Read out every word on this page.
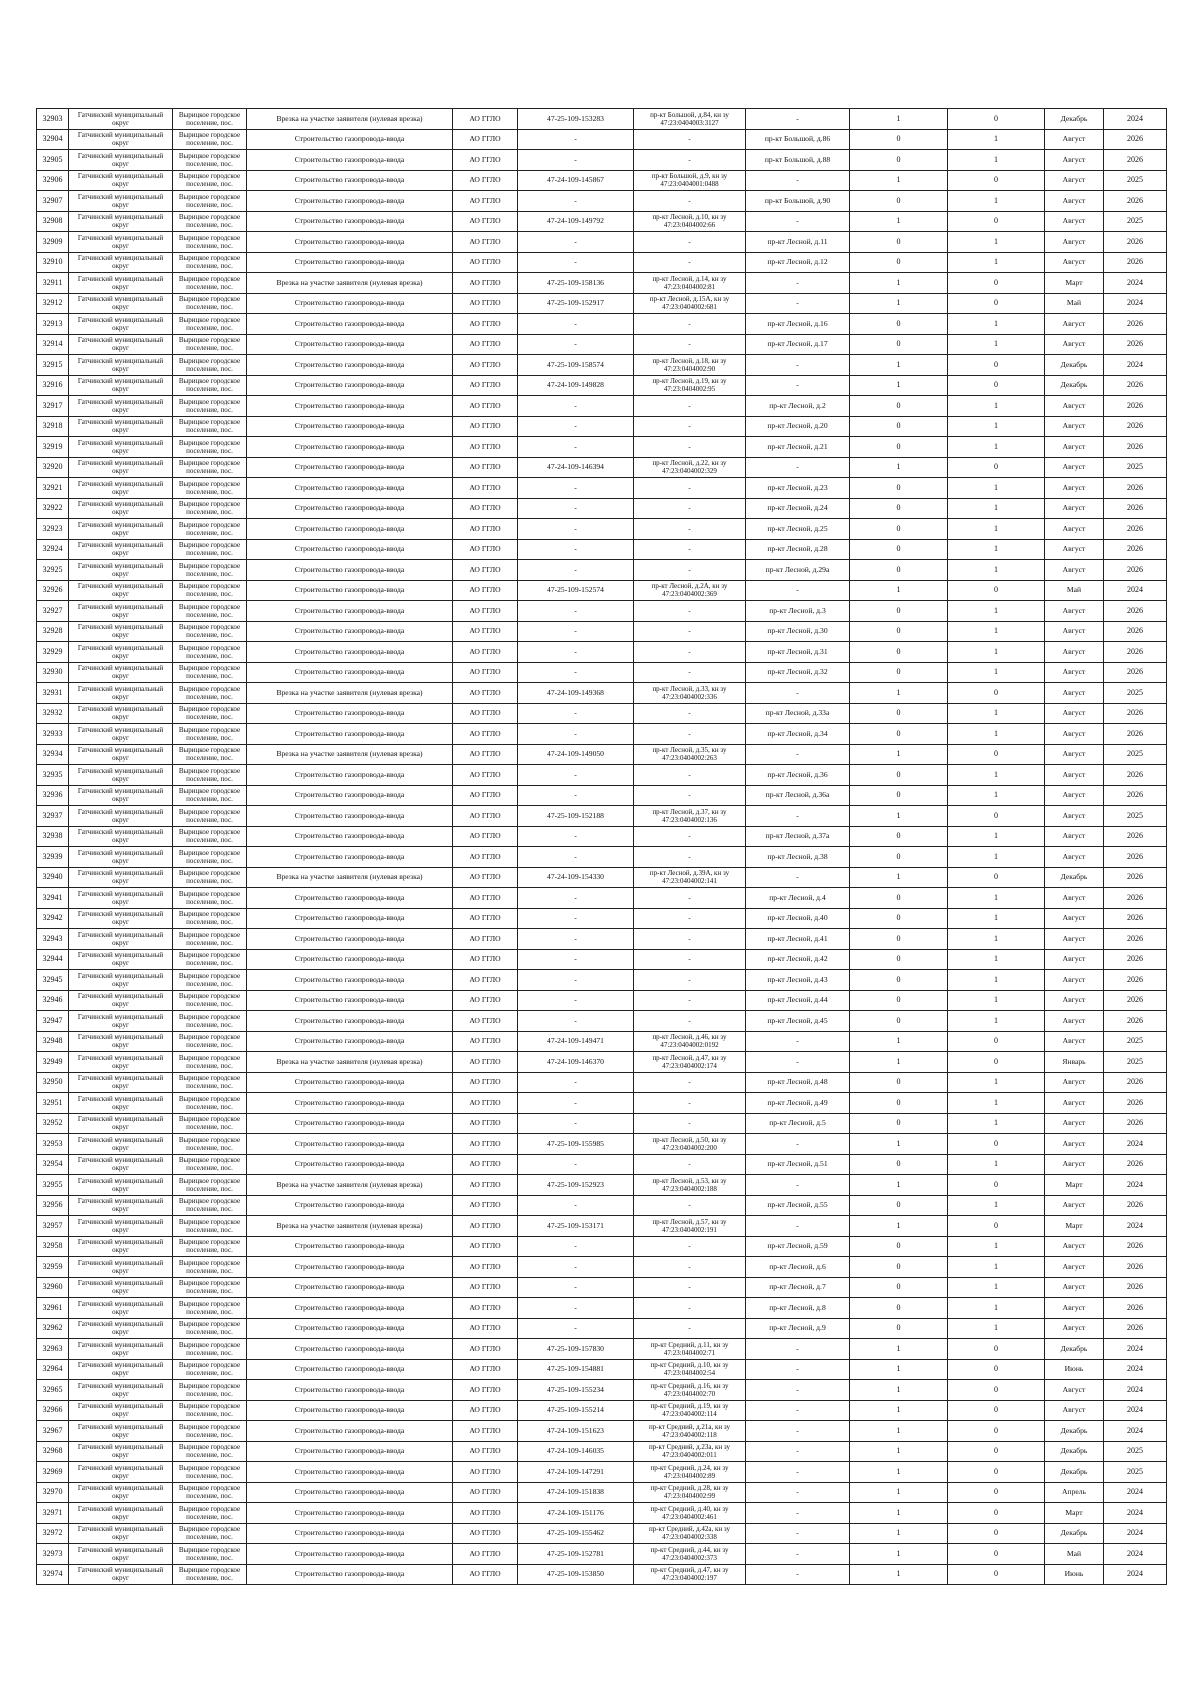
32903	Гатчинский муниципальный округ	Вырицкое городское поселение, пос.	Врезка на участке заявителя (нулевая врезка)	АО ГГЛО	47-25-109-153283	пр-кт Большой, д.84, кн зу 47:23:0404003:3127	-	1	0	Декабрь	2024
32904	Гатчинский муниципальный округ	Вырицкое городское поселение, пос.	Строительство газопровода-ввода	АО ГГЛО	-	-	пр-кт Большой, д.86	0	1	Август	2026
32905	Гатчинский муниципальный округ	Вырицкое городское поселение, пос.	Строительство газопровода-ввода	АО ГГЛО	-	-	пр-кт Большой, д.88	0	1	Август	2026
32906	Гатчинский муниципальный округ	Вырицкое городское поселение, пос.	Строительство газопровода-ввода	АО ГГЛО	47-24-109-145867	пр-кт Большой, д.9, кн зу 47:23:0404001:0488	-	1	0	Август	2025
32907	Гатчинский муниципальный округ	Вырицкое городское поселение, пос.	Строительство газопровода-ввода	АО ГГЛО	-	-	пр-кт Большой, д.90	0	1	Август	2026
32908	Гатчинский муниципальный округ	Вырицкое городское поселение, пос.	Строительство газопровода-ввода	АО ГГЛО	47-24-109-149792	пр-кт Лесной, д.10, кн зу 47:23:0404002:66	-	1	0	Август	2025
32909	Гатчинский муниципальный округ	Вырицкое городское поселение, пос.	Строительство газопровода-ввода	АО ГГЛО	-	-	пр-кт Лесной, д.11	0	1	Август	2026
32910	Гатчинский муниципальный округ	Вырицкое городское поселение, пос.	Строительство газопровода-ввода	АО ГГЛО	-	-	пр-кт Лесной, д.12	0	1	Август	2026
32911	Гатчинский муниципальный округ	Вырицкое городское поселение, пос.	Врезка на участке заявителя (нулевая врезка)	АО ГГЛО	47-25-109-158136	пр-кт Лесной, д.14, кн зу 47:23:0404002:81	-	1	0	Март	2024
32912	Гатчинский муниципальный округ	Вырицкое городское поселение, пос.	Строительство газопровода-ввода	АО ГГЛО	47-25-109-152917	пр-кт Лесной, д.15А, кн зу 47:23:0404002:681	-	1	0	Май	2024
32913	Гатчинский муниципальный округ	Вырицкое городское поселение, пос.	Строительство газопровода-ввода	АО ГГЛО	-	-	пр-кт Лесной, д.16	0	1	Август	2026
32914	Гатчинский муниципальный округ	Вырицкое городское поселение, пос.	Строительство газопровода-ввода	АО ГГЛО	-	-	пр-кт Лесной, д.17	0	1	Август	2026
32915	Гатчинский муниципальный округ	Вырицкое городское поселение, пос.	Строительство газопровода-ввода	АО ГГЛО	47-25-109-158574	пр-кт Лесной, д.18, кн зу 47:23:0404002:90	-	1	0	Декабрь	2024
32916	Гатчинский муниципальный округ	Вырицкое городское поселение, пос.	Строительство газопровода-ввода	АО ГГЛО	47-24-109-149828	пр-кт Лесной, д.19, кн зу 47:23:0404002:95	-	1	0	Декабрь	2026
32917	Гатчинский муниципальный округ	Вырицкое городское поселение, пос.	Строительство газопровода-ввода	АО ГГЛО	-	-	пр-кт Лесной, д.2	0	1	Август	2026
32918	Гатчинский муниципальный округ	Вырицкое городское поселение, пос.	Строительство газопровода-ввода	АО ГГЛО	-	-	пр-кт Лесной, д.20	0	1	Август	2026
32919	Гатчинский муниципальный округ	Вырицкое городское поселение, пос.	Строительство газопровода-ввода	АО ГГЛО	-	-	пр-кт Лесной, д.21	0	1	Август	2026
32920	Гатчинский муниципальный округ	Вырицкое городское поселение, пос.	Строительство газопровода-ввода	АО ГГЛО	47-24-109-146394	пр-кт Лесной, д.22, кн зу 47:23:0404002:329	-	1	0	Август	2025
32921	Гатчинский муниципальный округ	Вырицкое городское поселение, пос.	Строительство газопровода-ввода	АО ГГЛО	-	-	пр-кт Лесной, д.23	0	1	Август	2026
32922	Гатчинский муниципальный округ	Вырицкое городское поселение, пос.	Строительство газопровода-ввода	АО ГГЛО	-	-	пр-кт Лесной, д.24	0	1	Август	2026
32923	Гатчинский муниципальный округ	Вырицкое городское поселение, пос.	Строительство газопровода-ввода	АО ГГЛО	-	-	пр-кт Лесной, д.25	0	1	Август	2026
32924	Гатчинский муниципальный округ	Вырицкое городское поселение, пос.	Строительство газопровода-ввода	АО ГГЛО	-	-	пр-кт Лесной, д.28	0	1	Август	2026
32925	Гатчинский муниципальный округ	Вырицкое городское поселение, пос.	Строительство газопровода-ввода	АО ГГЛО	-	-	пр-кт Лесной, д.29а	0	1	Август	2026
32926	Гатчинский муниципальный округ	Вырицкое городское поселение, пос.	Строительство газопровода-ввода	АО ГГЛО	47-25-109-152574	пр-кт Лесной, д.2А, кн зу 47:23:0404002:369	-	1	0	Май	2024
32927	Гатчинский муниципальный округ	Вырицкое городское поселение, пос.	Строительство газопровода-ввода	АО ГГЛО	-	-	пр-кт Лесной, д.3	0	1	Август	2026
32928	Гатчинский муниципальный округ	Вырицкое городское поселение, пос.	Строительство газопровода-ввода	АО ГГЛО	-	-	пр-кт Лесной, д.30	0	1	Август	2026
32929	Гатчинский муниципальный округ	Вырицкое городское поселение, пос.	Строительство газопровода-ввода	АО ГГЛО	-	-	пр-кт Лесной, д.31	0	1	Август	2026
32930	Гатчинский муниципальный округ	Вырицкое городское поселение, пос.	Строительство газопровода-ввода	АО ГГЛО	-	-	пр-кт Лесной, д.32	0	1	Август	2026
32931	Гатчинский муниципальный округ	Вырицкое городское поселение, пос.	Врезка на участке заявителя (нулевая врезка)	АО ГГЛО	47-24-109-149368	пр-кт Лесной, д.33, кн зу 47:23:0404002:336	-	1	0	Август	2025
32932	Гатчинский муниципальный округ	Вырицкое городское поселение, пос.	Строительство газопровода-ввода	АО ГГЛО	-	-	пр-кт Лесной, д.33а	0	1	Август	2026
32933	Гатчинский муниципальный округ	Вырицкое городское поселение, пос.	Строительство газопровода-ввода	АО ГГЛО	-	-	пр-кт Лесной, д.34	0	1	Август	2026
32934	Гатчинский муниципальный округ	Вырицкое городское поселение, пос.	Врезка на участке заявителя (нулевая врезка)	АО ГГЛО	47-24-109-149050	пр-кт Лесной, д.35, кн зу 47:23:0404002:263	-	1	0	Август	2025
32935	Гатчинский муниципальный округ	Вырицкое городское поселение, пос.	Строительство газопровода-ввода	АО ГГЛО	-	-	пр-кт Лесной, д.36	0	1	Август	2026
32936	Гатчинский муниципальный округ	Вырицкое городское поселение, пос.	Строительство газопровода-ввода	АО ГГЛО	-	-	пр-кт Лесной, д.36а	0	1	Август	2026
32937	Гатчинский муниципальный округ	Вырицкое городское поселение, пос.	Строительство газопровода-ввода	АО ГГЛО	47-25-109-152188	пр-кт Лесной, д.37, кн зу 47:23:0404002:136	-	1	0	Август	2025
32938	Гатчинский муниципальный округ	Вырицкое городское поселение, пос.	Строительство газопровода-ввода	АО ГГЛО	-	-	пр-кт Лесной, д.37а	0	1	Август	2026
32939	Гатчинский муниципальный округ	Вырицкое городское поселение, пос.	Строительство газопровода-ввода	АО ГГЛО	-	-	пр-кт Лесной, д.38	0	1	Август	2026
32940	Гатчинский муниципальный округ	Вырицкое городское поселение, пос.	Врезка на участке заявителя (нулевая врезка)	АО ГГЛО	47-24-109-154330	пр-кт Лесной, д.39А, кн зу 47:23:0404002:141	-	1	0	Декабрь	2026
32941	Гатчинский муниципальный округ	Вырицкое городское поселение, пос.	Строительство газопровода-ввода	АО ГГЛО	-	-	пр-кт Лесной, д.4	0	1	Август	2026
32942	Гатчинский муниципальный округ	Вырицкое городское поселение, пос.	Строительство газопровода-ввода	АО ГГЛО	-	-	пр-кт Лесной, д.40	0	1	Август	2026
32943	Гатчинский муниципальный округ	Вырицкое городское поселение, пос.	Строительство газопровода-ввода	АО ГГЛО	-	-	пр-кт Лесной, д.41	0	1	Август	2026
32944	Гатчинский муниципальный округ	Вырицкое городское поселение, пос.	Строительство газопровода-ввода	АО ГГЛО	-	-	пр-кт Лесной, д.42	0	1	Август	2026
32945	Гатчинский муниципальный округ	Вырицкое городское поселение, пос.	Строительство газопровода-ввода	АО ГГЛО	-	-	пр-кт Лесной, д.43	0	1	Август	2026
32946	Гатчинский муниципальный округ	Вырицкое городское поселение, пос.	Строительство газопровода-ввода	АО ГГЛО	-	-	пр-кт Лесной, д.44	0	1	Август	2026
32947	Гатчинский муниципальный округ	Вырицкое городское поселение, пос.	Строительство газопровода-ввода	АО ГГЛО	-	-	пр-кт Лесной, д.45	0	1	Август	2026
32948	Гатчинский муниципальный округ	Вырицкое городское поселение, пос.	Строительство газопровода-ввода	АО ГГЛО	47-24-109-149471	пр-кт Лесной, д.46, кн зу 47:23:0404002:0192	-	1	0	Август	2025
32949	Гатчинский муниципальный округ	Вырицкое городское поселение, пос.	Врезка на участке заявителя (нулевая врезка)	АО ГГЛО	47-24-109-146370	пр-кт Лесной, д.47, кн зу 47:23:0404002:174	-	1	0	Январь	2025
32950	Гатчинский муниципальный округ	Вырицкое городское поселение, пос.	Строительство газопровода-ввода	АО ГГЛО	-	-	пр-кт Лесной, д.48	0	1	Август	2026
32951	Гатчинский муниципальный округ	Вырицкое городское поселение, пос.	Строительство газопровода-ввода	АО ГГЛО	-	-	пр-кт Лесной, д.49	0	1	Август	2026
32952	Гатчинский муниципальный округ	Вырицкое городское поселение, пос.	Строительство газопровода-ввода	АО ГГЛО	-	-	пр-кт Лесной, д.5	0	1	Август	2026
32953	Гатчинский муниципальный округ	Вырицкое городское поселение, пос.	Строительство газопровода-ввода	АО ГГЛО	47-25-109-155985	пр-кт Лесной, д.50, кн зу 47:23:0404002:200	-	1	0	Август	2024
32954	Гатчинский муниципальный округ	Вырицкое городское поселение, пос.	Строительство газопровода-ввода	АО ГГЛО	-	-	пр-кт Лесной, д.51	0	1	Август	2026
32955	Гатчинский муниципальный округ	Вырицкое городское поселение, пос.	Врезка на участке заявителя (нулевая врезка)	АО ГГЛО	47-25-109-152923	пр-кт Лесной, д.53, кн зу 47:23:0404002:188	-	1	0	Март	2024
32956	Гатчинский муниципальный округ	Вырицкое городское поселение, пос.	Строительство газопровода-ввода	АО ГГЛО	-	-	пр-кт Лесной, д.55	0	1	Август	2026
32957	Гатчинский муниципальный округ	Вырицкое городское поселение, пос.	Врезка на участке заявителя (нулевая врезка)	АО ГГЛО	47-25-109-153171	пр-кт Лесной, д.57, кн зу 47:23:0404002:191	-	1	0	Март	2024
32958	Гатчинский муниципальный округ	Вырицкое городское поселение, пос.	Строительство газопровода-ввода	АО ГГЛО	-	-	пр-кт Лесной, д.59	0	1	Август	2026
32959	Гатчинский муниципальный округ	Вырицкое городское поселение, пос.	Строительство газопровода-ввода	АО ГГЛО	-	-	пр-кт Лесной, д.6	0	1	Август	2026
32960	Гатчинский муниципальный округ	Вырицкое городское поселение, пос.	Строительство газопровода-ввода	АО ГГЛО	-	-	пр-кт Лесной, д.7	0	1	Август	2026
32961	Гатчинский муниципальный округ	Вырицкое городское поселение, пос.	Строительство газопровода-ввода	АО ГГЛО	-	-	пр-кт Лесной, д.8	0	1	Август	2026
32962	Гатчинский муниципальный округ	Вырицкое городское поселение, пос.	Строительство газопровода-ввода	АО ГГЛО	-	-	пр-кт Лесной, д.9	0	1	Август	2026
32963	Гатчинский муниципальный округ	Вырицкое городское поселение, пос.	Строительство газопровода-ввода	АО ГГЛО	47-25-109-157830	пр-кт Средний, д.11, кн зу 47:23:0404002:71	-	1	0	Декабрь	2024
32964	Гатчинский муниципальный округ	Вырицкое городское поселение, пос.	Строительство газопровода-ввода	АО ГГЛО	47-25-109-154881	пр-кт Средний, д.10, кн зу 47:23:0404002:54	-	1	0	Июнь	2024
32965	Гатчинский муниципальный округ	Вырицкое городское поселение, пос.	Строительство газопровода-ввода	АО ГГЛО	47-25-109-155234	пр-кт Средний, д.16, кн зу 47:23:0404002:70	-	1	0	Август	2024
32966	Гатчинский муниципальный округ	Вырицкое городское поселение, пос.	Строительство газопровода-ввода	АО ГГЛО	47-25-109-155214	пр-кт Средний, д.19, кн зу 47:23:0404002:114	-	1	0	Август	2024
32967	Гатчинский муниципальный округ	Вырицкое городское поселение, пос.	Строительство газопровода-ввода	АО ГГЛО	47-24-109-151623	пр-кт Средний, д.21а, кн зу 47:23:0404002:118	-	1	0	Декабрь	2024
32968	Гатчинский муниципальный округ	Вырицкое городское поселение, пос.	Строительство газопровода-ввода	АО ГГЛО	47-24-109-146035	пр-кт Средний, д.23а, кн зу 47:23:0404002:011	-	1	0	Декабрь	2025
32969	Гатчинский муниципальный округ	Вырицкое городское поселение, пос.	Строительство газопровода-ввода	АО ГГЛО	47-24-109-147291	пр-кт Средний, д.24, кн зу 47:23:0404002:89	-	1	0	Декабрь	2025
32970	Гатчинский муниципальный округ	Вырицкое городское поселение, пос.	Строительство газопровода-ввода	АО ГГЛО	47-24-109-151838	пр-кт Средний, д.28, кн зу 47:23:0404002:99	-	1	0	Апрель	2024
32971	Гатчинский муниципальный округ	Вырицкое городское поселение, пос.	Строительство газопровода-ввода	АО ГГЛО	47-24-109-151176	пр-кт Средний, д.40, кн зу 47:23:0404002:461	-	1	0	Март	2024
32972	Гатчинский муниципальный округ	Вырицкое городское поселение, пос.	Строительство газопровода-ввода	АО ГГЛО	47-25-109-155462	пр-кт Средний, д.42а, кн зу 47:23:0404002:338	-	1	0	Декабрь	2024
32973	Гатчинский муниципальный округ	Вырицкое городское поселение, пос.	Строительство газопровода-ввода	АО ГГЛО	47-25-109-152781	пр-кт Средний, д.44, кн зу 47:23:0404002:373	-	1	0	Май	2024
32974	Гатчинский муниципальный округ	Вырицкое городское поселение, пос.	Строительство газопровода-ввода	АО ГГЛО	47-25-109-153850	пр-кт Средний, д.47, кн зу 47:23:0404002:197	-	1	0	Июнь	2024
